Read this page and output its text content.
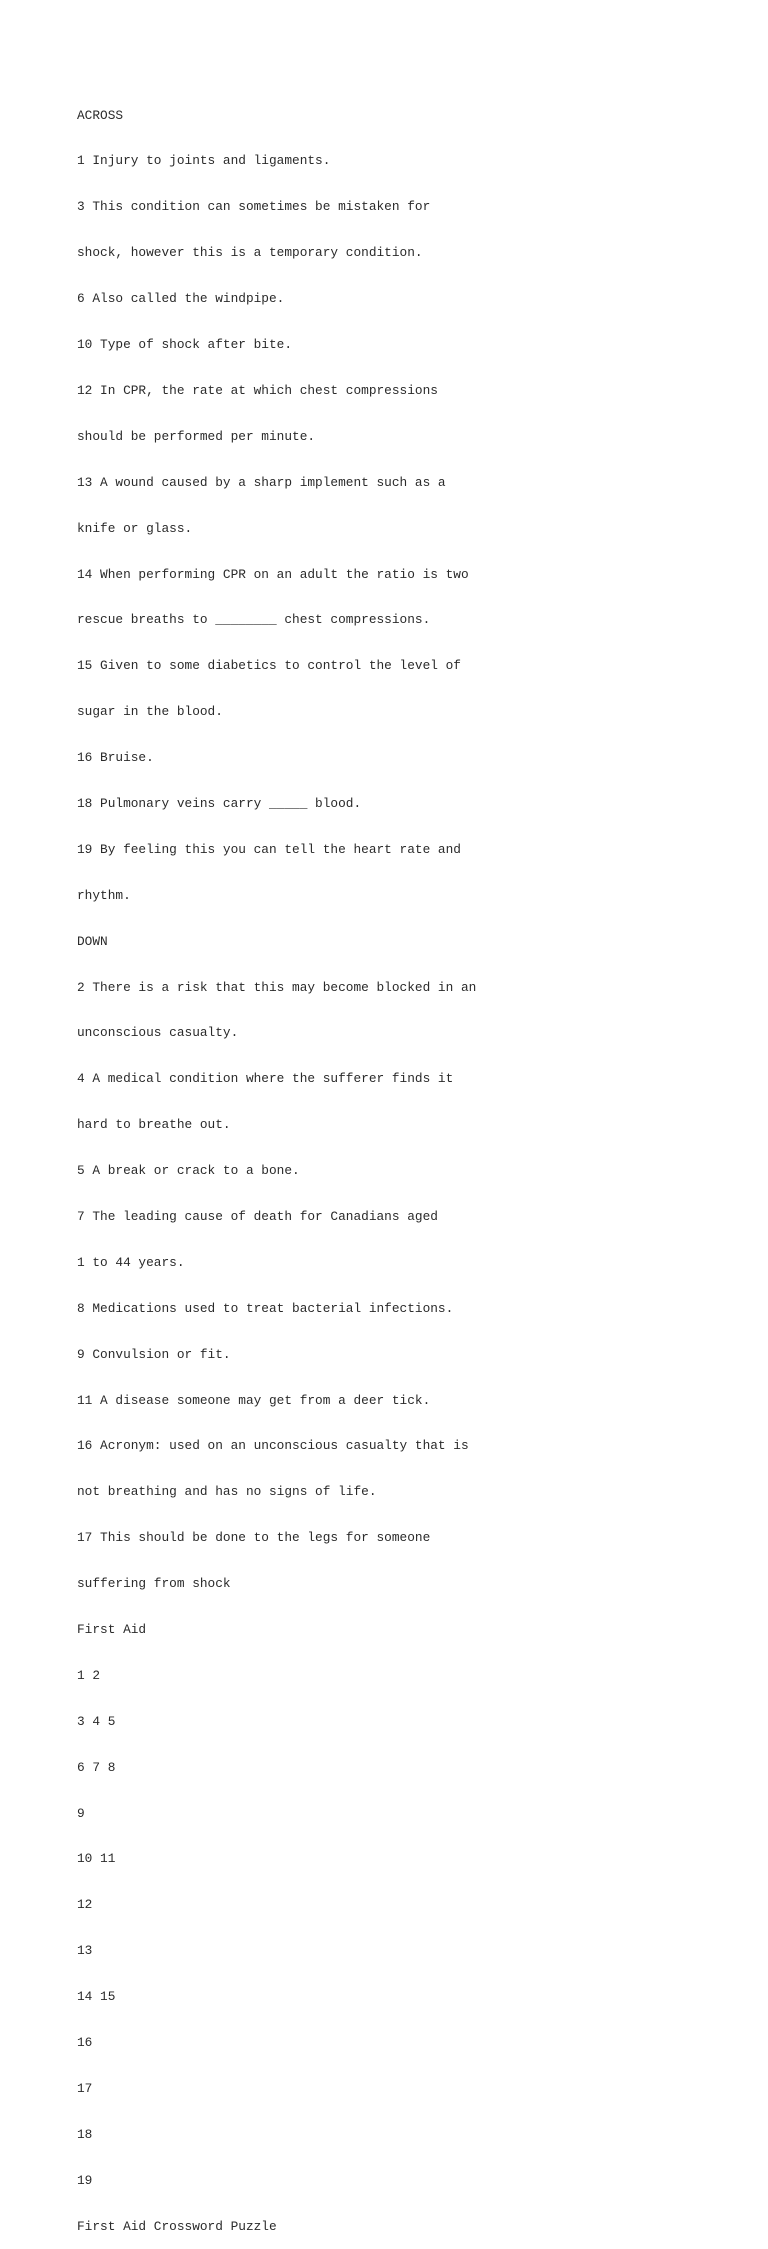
ACROSS

1 Injury to joints and ligaments.

3 This condition can sometimes be mistaken for

shock, however this is a temporary condition.

6 Also called the windpipe.

10 Type of shock after bite.

12 In CPR, the rate at which chest compressions

should be performed per minute.

13 A wound caused by a sharp implement such as a

knife or glass.

14 When performing CPR on an adult the ratio is two

rescue breaths to ________ chest compressions.

15 Given to some diabetics to control the level of

sugar in the blood.

16 Bruise.

18 Pulmonary veins carry _____ blood.

19 By feeling this you can tell the heart rate and

rhythm.

DOWN

2 There is a risk that this may become blocked in an

unconscious casualty.

4 A medical condition where the sufferer finds it

hard to breathe out.

5 A break or crack to a bone.

7 The leading cause of death for Canadians aged

1 to 44 years.

8 Medications used to treat bacterial infections.

9 Convulsion or fit.

11 A disease someone may get from a deer tick.

16 Acronym: used on an unconscious casualty that is

not breathing and has no signs of life.

17 This should be done to the legs for someone

suffering from shock

First Aid

1 2

3 4 5

6 7 8

9

10 11

12

13

14 15

16

17

18

19

First Aid Crossword Puzzle
